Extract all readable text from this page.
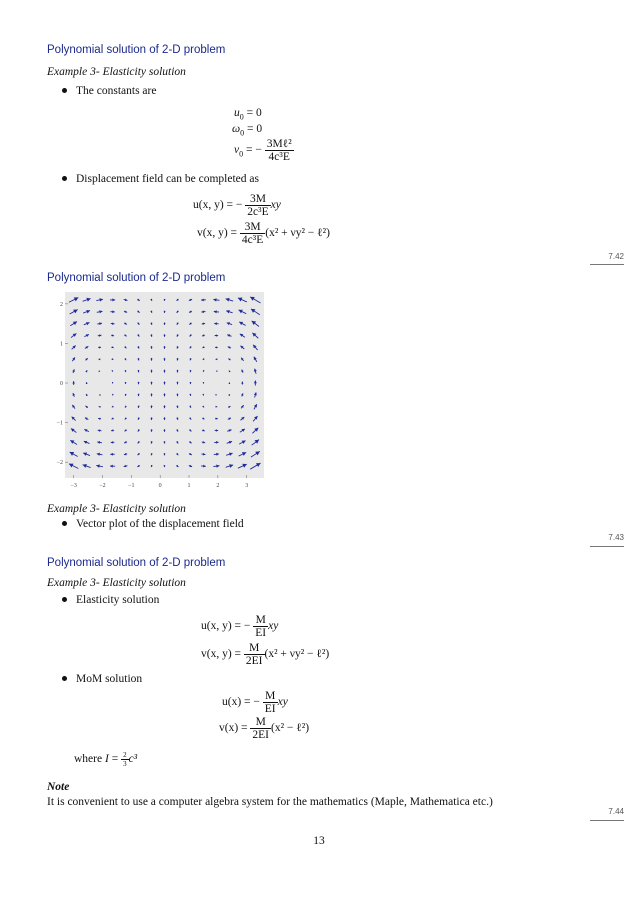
Polynomial solution of 2-D problem
Example 3- Elasticity solution
The constants are
$u_0 = 0$
$\omega_0 = 0$
$v_0$ = − $\frac{\text{3Mℓ²}}{\text{4c³E}}$
Displacement field can be completed as
u(x, y) = − $\frac{3M}{\text{2c³E}}$ xy
v(x, $y) = \frac{3M}{\text{4c³E}} (x^2 + \nu y^2$ − ℓ²)
7.42
Polynomial solution of 2-D problem
−3	−2	−1	0	1	2	3
−2
−1
0
1
2
Example 3- Elasticity solution
Vector plot of the displacement field
7.43
Polynomial solution of 2-D problem
Example 3- Elasticity solution
Elasticity solution
u(x, y) = − $\frac{M}{EI}$ xy
v(x, $y) = \frac{M}{2EI} (x^2 + \nu y^2$ − ℓ²)
MoM solution
u(x) = − $\frac{M}{EI}$ xy
$v(x) = \frac{M}{2EI} (x^2$ − ℓ²)
where $I = \frac{2}{3} c^3$
Note
It is convenient to use a computer algebra system for the mathematics (Maple, Mathematica etc.)
7.44
13
